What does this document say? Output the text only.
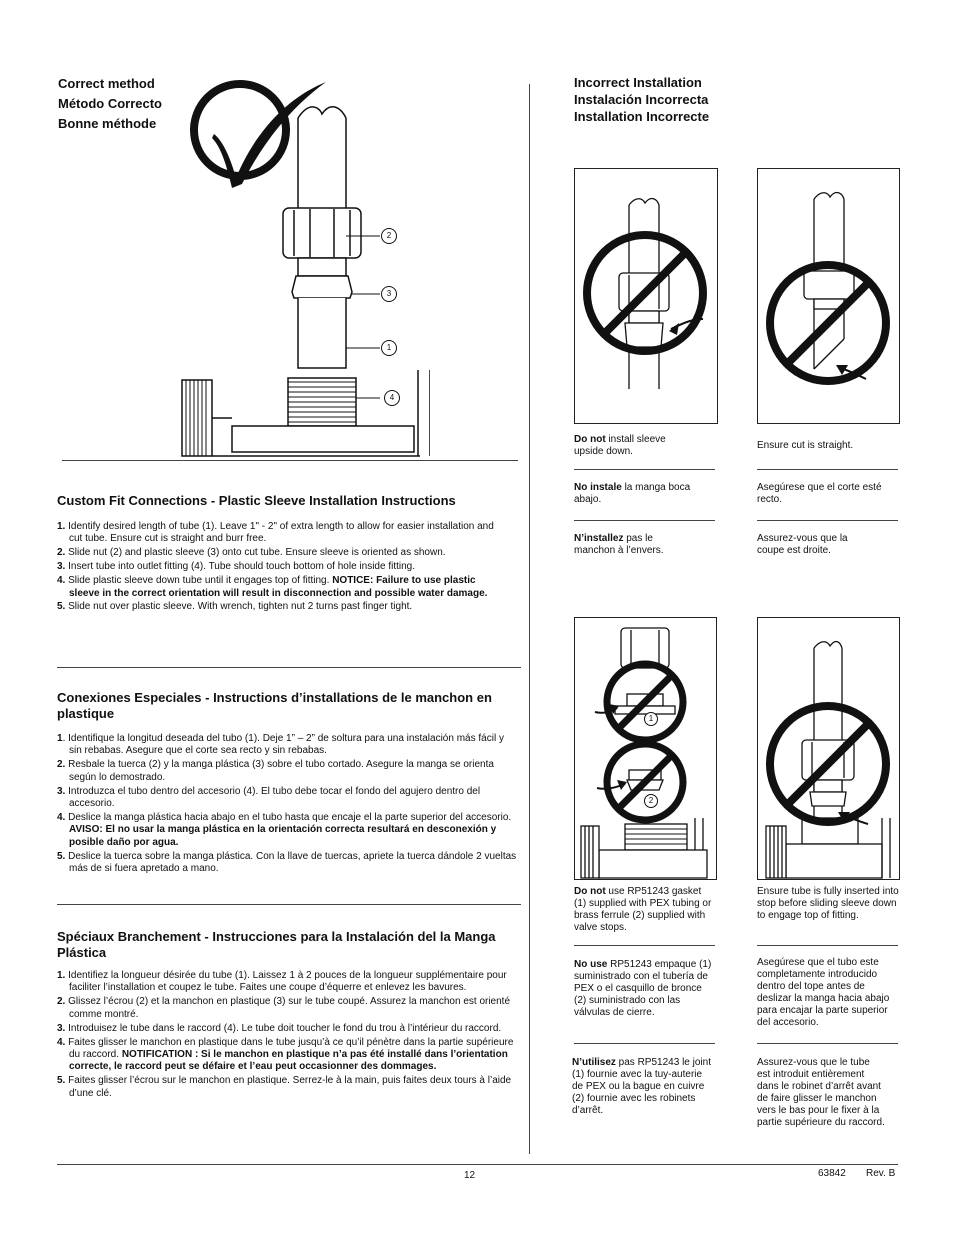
Correct method
Método Correcto
Bonne méthode
2
3
1
4
Custom Fit Connections - Plastic Sleeve Installation Instructions
1. Identify desired length of tube (1). Leave 1" - 2" of extra length to allow for easier installation and cut tube. Ensure cut is straight and burr free.
2. Slide nut (2) and plastic sleeve (3) onto cut tube. Ensure sleeve is oriented as shown.
3. Insert tube into outlet fitting (4). Tube should touch bottom of hole inside fitting.
4. Slide plastic sleeve down tube until it engages top of fitting. NOTICE: Failure to use plastic sleeve in the correct orientation will result in disconnection and possible water damage.
5. Slide nut over plastic sleeve. With wrench, tighten nut 2 turns past finger tight.
Conexiones Especiales - Instructions d’installations de le manchon en plastique
1. Identifique la longitud deseada del tubo (1). Deje 1” – 2” de soltura para una instalación más fácil y sin rebabas. Asegure que el corte sea recto y sin rebabas.
2. Resbale la tuerca (2) y la manga plástica (3) sobre el tubo cortado. Asegure la manga se orienta según lo demostrado.
3. Introduzca el tubo dentro del accesorio (4). El tubo debe tocar el fondo del agujero dentro del accesorio.
4. Deslice la manga plástica hacia abajo en el tubo hasta que encaje el la parte superior del accesorio. AVISO: El no usar la manga plástica en la orientación correcta resultará en desconexión y posible daño por agua.
5. Deslice la tuerca sobre la manga plástica. Con la llave de tuercas, apriete la tuerca dándole 2 vueltas más de si fuera apretado a mano.
Spéciaux Branchement - Instrucciones para la Instalación del la Manga Plástica
1. Identifiez la longueur désirée du tube (1). Laissez 1 à 2 pouces de la longueur supplémentaire pour faciliter l’installation et coupez le tube. Faites une coupe d’équerre et enlevez les bavures.
2. Glissez l’écrou (2) et la manchon en plastique (3) sur le tube coupé. Assurez la manchon est orienté comme montré.
3. Introduisez le tube dans le raccord (4). Le tube doit toucher le fond du trou à l’intérieur du raccord.
4. Faites glisser le manchon en plastique dans le tube jusqu’à ce qu’il pénètre dans la partie supérieure du raccord. NOTIFICATION : Si le manchon en plastique n’a pas été installé dans l’orientation correcte, le raccord peut se défaire et l’eau peut occasionner des dommages.
5. Faites glisser l’écrou sur le manchon en plastique. Serrez-le à la main, puis faites deux tours à l’aide d’une clé.
Incorrect Installation
Instalación Incorrecta
Installation Incorrecte
Do not install sleeve upside down.
No instale la manga boca abajo.
N’installez pas le manchon à l’envers.
Ensure cut is straight.
Asegúrese que el corte esté recto.
Assurez-vous que la coupe est droite.
1
2
Do not use RP51243 gasket (1) supplied with PEX tubing or brass ferrule (2) supplied with valve stops.
No use RP51243 empaque (1) suministrado con el tubería de PEX o el casquillo de bronce (2) suministrado con las válvulas de cierre.
N’utilisez pas RP51243 le joint (1) fournie avec la tuy-auterie de PEX ou la bague en cuivre (2) fournie avec les robinets d’arrêt.
Ensure tube is fully inserted into stop before sliding sleeve down to engage top of fitting.
Asegúrese que el tubo este completamente introducido dentro del tope antes de deslizar la manga hacia abajo para encajar la parte superior del accesorio.
Assurez-vous que le tube est introduit entièrement dans le robinet d’arrêt avant de faire glisser le manchon vers le bas pour le fixer à la partie supérieure du raccord.
12	63842 Rev. B
